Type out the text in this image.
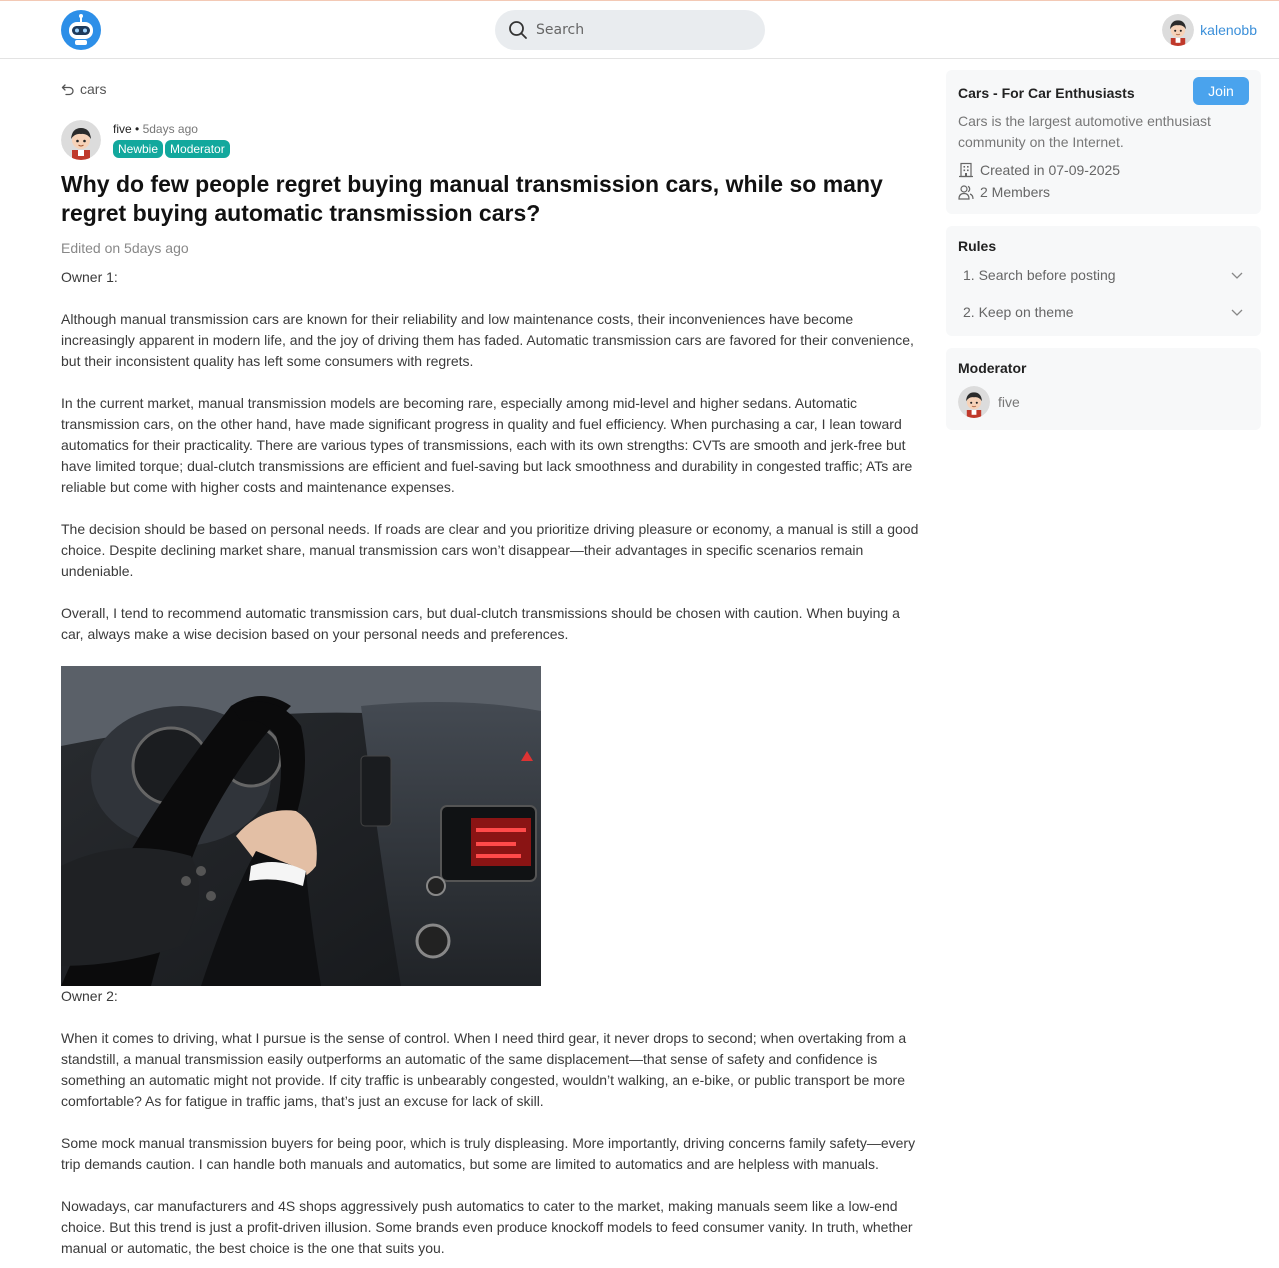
Search
kalenobb
cars
five • 5days ago
Newbie	Moderator
Why do few people regret buying manual transmission cars, while so many regret buying automatic transmission cars?
Edited on 5days ago

Owner 1:

Although manual transmission cars are known for their reliability and low maintenance costs, their inconveniences have become increasingly apparent in modern life, and the joy of driving them has faded. Automatic transmission cars are favored for their convenience, but their inconsistent quality has left some consumers with regrets.

In the current market, manual transmission models are becoming rare, especially among mid-level and higher sedans. Automatic transmission cars, on the other hand, have made significant progress in quality and fuel efficiency. When purchasing a car, I lean toward automatics for their practicality. There are various types of transmissions, each with its own strengths: CVTs are smooth and jerk-free but have limited torque; dual-clutch transmissions are efficient and fuel-saving but lack smoothness and durability in congested traffic; ATs are reliable but come with higher costs and maintenance expenses.

The decision should be based on personal needs. If roads are clear and you prioritize driving pleasure or economy, a manual is still a good choice. Despite declining market share, manual transmission cars won’t disappear—their advantages in specific scenarios remain undeniable.

Overall, I tend to recommend automatic transmission cars, but dual-clutch transmissions should be chosen with caution. When buying a car, always make a wise decision based on your personal needs and preferences.

Owner 2:

When it comes to driving, what I pursue is the sense of control. When I need third gear, it never drops to second; when overtaking from a standstill, a manual transmission easily outperforms an automatic of the same displacement—that sense of safety and confidence is something an automatic might not provide. If city traffic is unbearably congested, wouldn’t walking, an e-bike, or public transport be more comfortable? As for fatigue in traffic jams, that’s just an excuse for lack of skill.

Some mock manual transmission buyers for being poor, which is truly displeasing. More importantly, driving concerns family safety—every trip demands caution. I can handle both manuals and automatics, but some are limited to automatics and are helpless with manuals.

Nowadays, car manufacturers and 4S shops aggressively push automatics to cater to the market, making manuals seem like a low-end choice. But this trend is just a profit-driven illusion. Some brands even produce knockoff models to feed consumer vanity. In truth, whether manual or automatic, the best choice is the one that suits you.

Cars - For Car Enthusiasts	Join
Cars is the largest automotive enthusiast community on the Internet.
Created in 07-09-2025
2 Members
Rules
1. Search before posting
2. Keep on theme
Moderator
five
